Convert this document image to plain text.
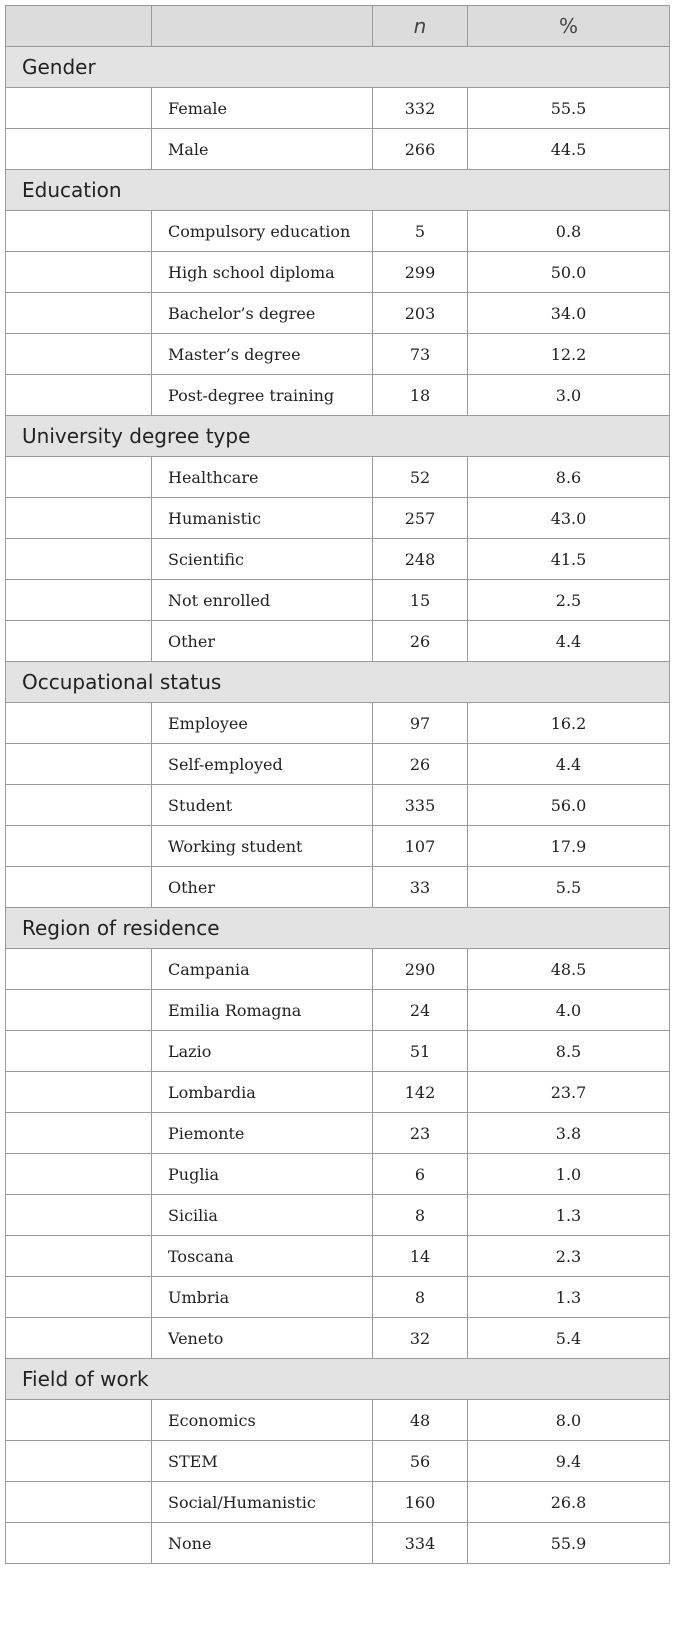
		n	%
Gender			
	Female	332	55.5
	Male	266	44.5
Education			
	Compulsory education	5	0.8
	High school diploma	299	50.0
	Bachelor’s degree	203	34.0
	Master’s degree	73	12.2
	Post-degree training	18	3.0
University degree type			
	Healthcare	52	8.6
	Humanistic	257	43.0
	Scientific	248	41.5
	Not enrolled	15	2.5
	Other	26	4.4
Occupational status			
	Employee	97	16.2
	Self-employed	26	4.4
	Student	335	56.0
	Working student	107	17.9
	Other	33	5.5
Region of residence			
	Campania	290	48.5
	Emilia Romagna	24	4.0
	Lazio	51	8.5
	Lombardia	142	23.7
	Piemonte	23	3.8
	Puglia	6	1.0
	Sicilia	8	1.3
	Toscana	14	2.3
	Umbria	8	1.3
	Veneto	32	5.4
Field of work			
	Economics	48	8.0
	STEM	56	9.4
	Social/Humanistic	160	26.8
	None	334	55.9
